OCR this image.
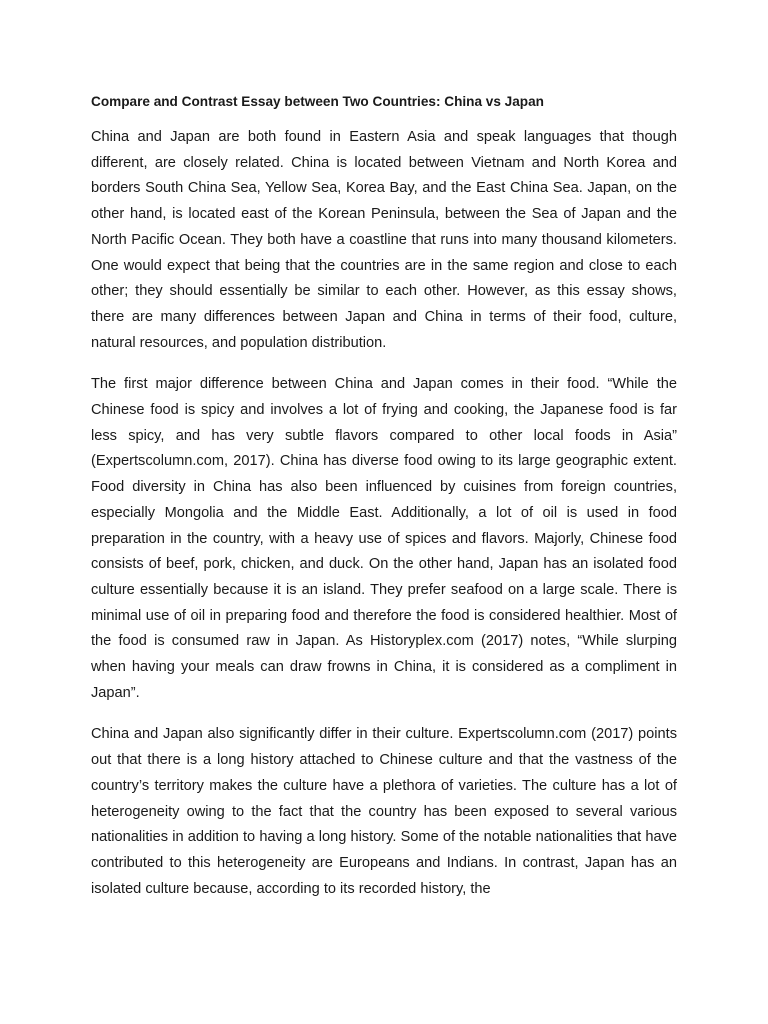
Compare and Contrast Essay between Two Countries: China vs Japan

China and Japan are both found in Eastern Asia and speak languages that though different, are closely related. China is located between Vietnam and North Korea and borders South China Sea, Yellow Sea, Korea Bay, and the East China Sea. Japan, on the other hand, is located east of the Korean Peninsula, between the Sea of Japan and the North Pacific Ocean. They both have a coastline that runs into many thousand kilometers. One would expect that being that the countries are in the same region and close to each other; they should essentially be similar to each other. However, as this essay shows, there are many differences between Japan and China in terms of their food, culture, natural resources, and population distribution.

The first major difference between China and Japan comes in their food. “While the Chinese food is spicy and involves a lot of frying and cooking, the Japanese food is far less spicy, and has very subtle flavors compared to other local foods in Asia” (Expertscolumn.com, 2017). China has diverse food owing to its large geographic extent. Food diversity in China has also been influenced by cuisines from foreign countries, especially Mongolia and the Middle East. Additionally, a lot of oil is used in food preparation in the country, with a heavy use of spices and flavors. Majorly, Chinese food consists of beef, pork, chicken, and duck. On the other hand, Japan has an isolated food culture essentially because it is an island. They prefer seafood on a large scale. There is minimal use of oil in preparing food and therefore the food is considered healthier. Most of the food is consumed raw in Japan. As Historyplex.com (2017) notes, “While slurping when having your meals can draw frowns in China, it is considered as a compliment in Japan”.

China and Japan also significantly differ in their culture. Expertscolumn.com (2017) points out that there is a long history attached to Chinese culture and that the vastness of the country’s territory makes the culture have a plethora of varieties. The culture has a lot of heterogeneity owing to the fact that the country has been exposed to several various nationalities in addition to having a long history. Some of the notable nationalities that have contributed to this heterogeneity are Europeans and Indians. In contrast, Japan has an isolated culture because, according to its recorded history, the
